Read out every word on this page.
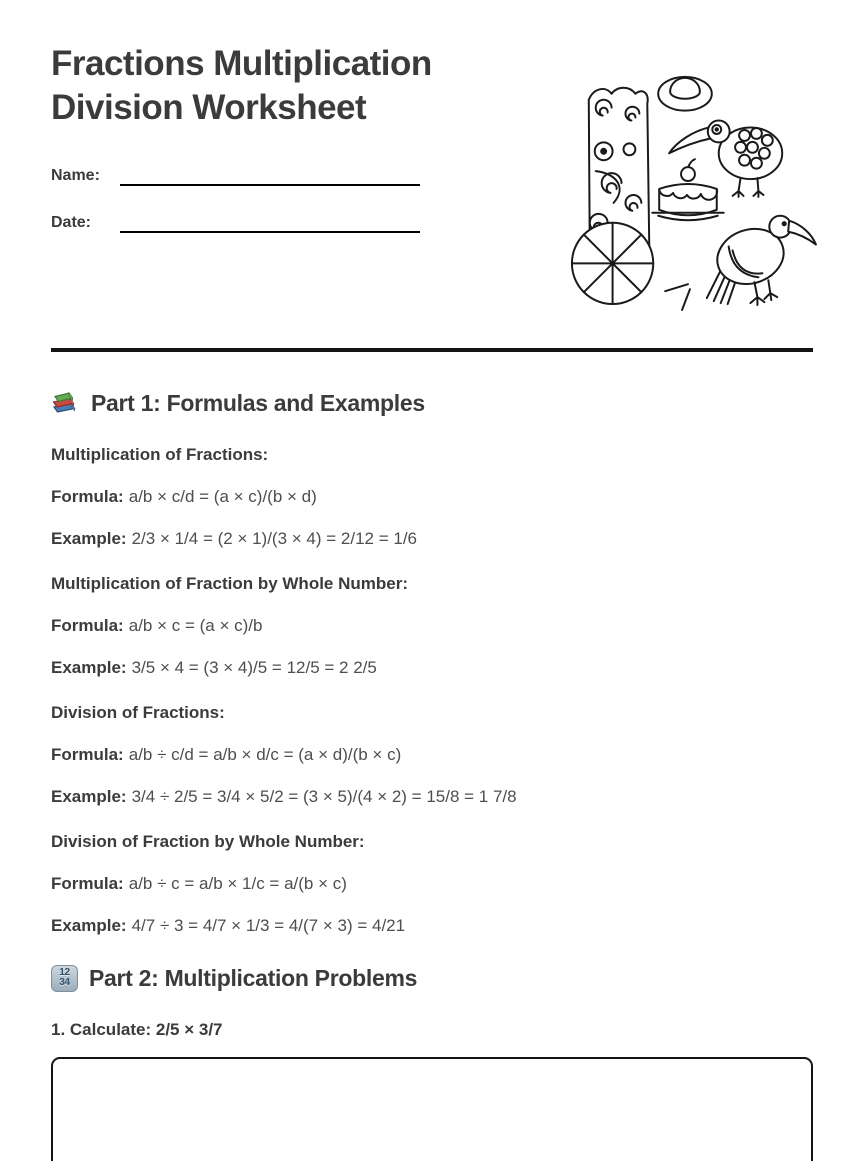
Fractions Multiplication
Division Worksheet
Name:
Date:
Part 1: Formulas and Examples

Multiplication of Fractions:

Formula: a/b × c/d = (a × c)/(b × d)

Example: 2/3 × 1/4 = (2 × 1)/(3 × 4) = 2/12 = 1/6

Multiplication of Fraction by Whole Number:

Formula: a/b × c = (a × c)/b

Example: 3/5 × 4 = (3 × 4)/5 = 12/5 = 2 2/5

Division of Fractions:

Formula: a/b ÷ c/d = a/b × d/c = (a × d)/(b × c)

Example: 3/4 ÷ 2/5 = 3/4 × 5/2 = (3 × 5)/(4 × 2) = 15/8 = 1 7/8

Division of Fraction by Whole Number:

Formula: a/b ÷ c = a/b × 1/c = a/(b × c)

Example: 4/7 ÷ 3 = 4/7 × 1/3 = 4/(7 × 3) = 4/21

12
34 Part 2: Multiplication Problems

1. Calculate: 2/5 × 3/7
